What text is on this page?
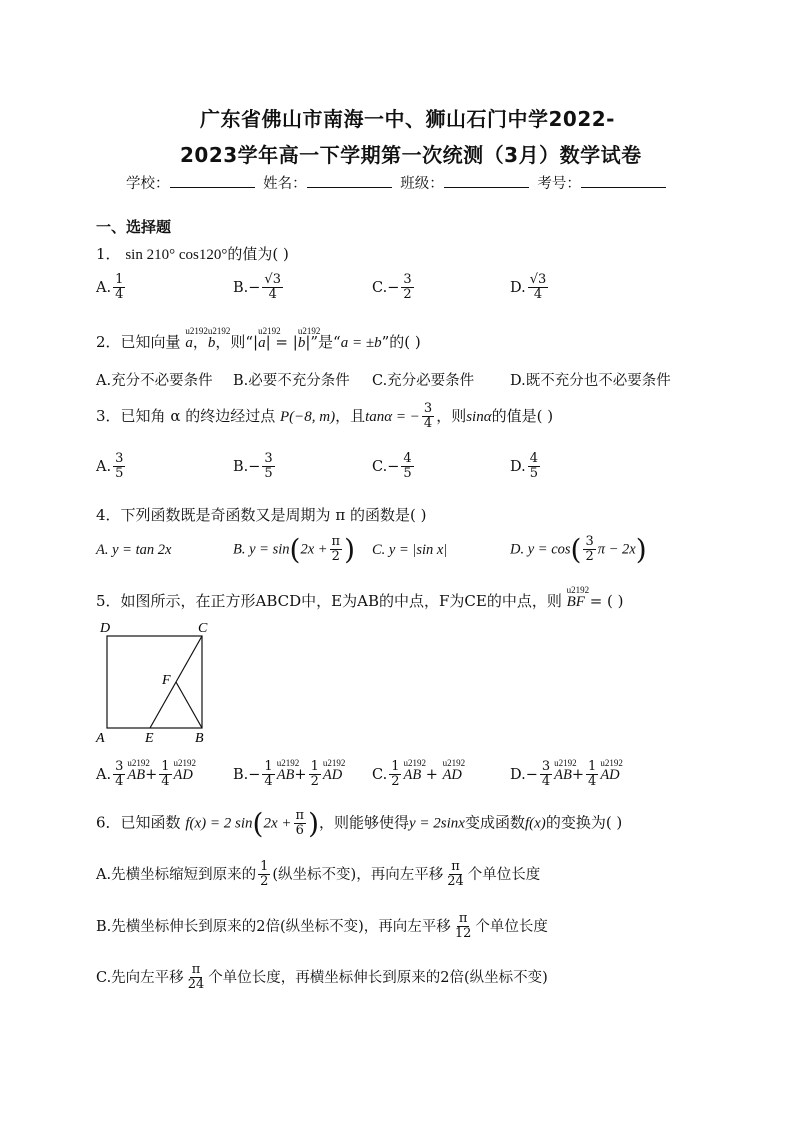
广东省佛山市南海一中、狮山石门中学2022-
2023学年高一下学期第一次统测（3月）数学试卷
学校：	姓名：	班级：	考号：
一、选择题
1． sin 210° cos120°的值为( )
A. $\frac{1}{4}$	$B.- \frac{√3}{4}$	$C.- \frac{3}{2}$	D. $\frac{√3}{4}$
2．已知向量 u2192 a，u2192 b，则“|u2192 a| = |u2192 b|”是“a = ±b”的( )
A.充分不必要条件 B.必要不充分条件 C.充分必要条件 D.既不充分也不必要条件
3．已知角 α 的终边经过点 P(−8, m)，且tanα = − $\frac{3}{4}$ ，则sinα的值是( )
A. $\frac{3}{5}$	$B.- \frac{3}{5}$	$C.- \frac{4}{5}$	D. $\frac{4}{5}$
4．下列函数既是奇函数又是周期为 π 的函数是( )
A. y = tan 2x	B. $y = \sin(2x + \frac{\pi}{2}$ ) C. y = |sin x|	D. $y = \cos( \frac{3}{2}$ π − 2x)
5．如图所示，在正方形ABCD中，E为AB的中点，F为CE的中点，则 u2192 BF = ( )
D	C
F
A	E	B
A. $\frac{3}{4}$
u2192 $AB+ \frac{1}{4}$
u2192 AD	$B.- \frac{1}{4}$
u2192 $AB+ \frac{1}{2}$
u2192 AD C. $\frac{1}{2}$
u2192 AB + u2192 AD	$D.- \frac{3}{4}$
u2192 $AB+ \frac{1}{4}$
u2192 AD
6．已知函数 f(x) = 2 $\sin(2x + \frac{\pi}{6}$ )，则能够使得y = 2sinx变成函数f(x)的变换为( )
A.先横坐标缩短到原来的 $\frac{1}{2}$ (纵坐标不变)，再向左平移 $\frac{\pi}{24}$ 个单位长度
B.先横坐标伸长到原来的2倍(纵坐标不变)，再向左平移 $\frac{\pi}{12}$ 个单位长度
C.先向左平移 $\frac{\pi}{24}$ 个单位长度，再横坐标伸长到原来的2倍(纵坐标不变)
